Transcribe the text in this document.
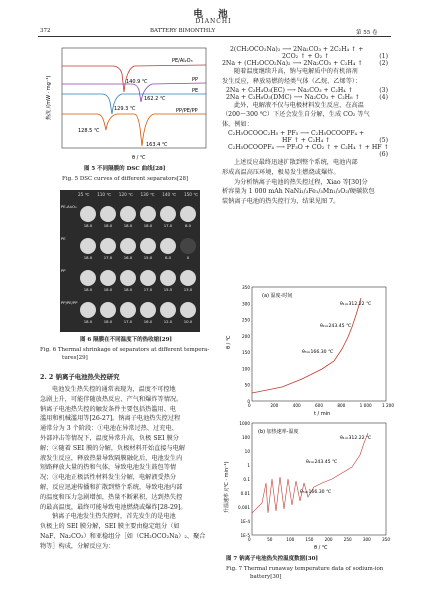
电 池
DIANCHI
372	BATTERY BIMONTHLY	第 55 卷
PE/Al₂O₃
140.9 ℃	PP
162.2 ℃
PE
129.3 ℃	PP/PE/PP
128.5 ℃
163.4 ℃
θ / ℃
热流 /(mW · mg⁻¹)
图 5 不同隔膜的 DSC 曲线[28]
Fig. 5 DSC curves of different separators[28]
25 ℃ 110 ℃ 120 ℃ 130 ℃ 140 ℃ 150 ℃
PE-Al₂O₃
18.0	18.0	18.0	18.0	17.0	8.0
PE
18.0	17.0	16.0	15.0	6.0	0
PP
18.0	18.0	18.0	17.0	15.5	13.0
PP/PE/PP
18.0	18.0	17.0	16.0	12.0	10.0
图 6 隔膜在不同温度下的热收缩[29]
Fig. 6 Thermal shrinkage of separators at different tempera-
tures[29]
2. 2 钠离子电池热失控研究
电池发生热失控的通常表现为，温度不可控地
急剧上升，可能伴随放热反应、产气和爆炸等情况。
钠离子电池热失控的触发条件主要包括热滥用、电
滥用和机械滥用等[26-27]。钠离子电池热失控过程
通常分为 3 个阶段：①电池在异常过热、过充电、
外部冲击等情况下，温度异常升高，负极 SEI 膜分
解；②随着 SEI 膜的分解，负极材料开始直接与电解
液发生反应，释放热量导致隔膜融化后，电池发生内
短路释放大量的热和气体，导致电池发生鼓包等情
况；③电池正极活性材料发生分解，电解液受热分
解，反应迅速传播和扩散到整个系统，导致电池内部
的温度和压力急剧增加，热量不断累积，达到热失控
的最高温度，最终可能导致电池燃烧或爆炸[28-29]。
钠离子电池发生热失控时，首先发生的是电池
负极上的 SEI 膜分解，SEI 膜主要由稳定组分（如
NaF、Na₂CO₃）和亚稳组分［如（CH₂OCO₂Na）₂、聚合
物等］构成，分解反应为：
2(CH₂OCO₂Na)₂ ⟶ 2Na₂CO₃ + 2C₂H₄ ↑ +
2CO₂ ↑ + O₂ ↑	(1)
2Na + (CH₂OCO₂Na)₂ ⟶ 2Na₂CO₃ + C₂H₄ ↑	(2)
随着温度继续升高，钠与电解质中的有机溶剂
发生反应，释放易燃的烃类气体（乙烷、乙烯等）：
2Na + C₃H₄O₃(EC) ⟶ Na₂CO₃ + C₂H₄ ↑	(3)
2Na + C₃H₆O₃(DMC) ⟶ Na₂CO₃ + C₂H₆ ↑	(4)
此外，电解液不仅与电极材料发生反应，在高温
（200～300 ℃）下还会发生自分解，生成 CO₂ 等气
体，例如：
C₂H₅OCOOC₂H₅ + PF₅ ⟶ C₂H₅OCOOPF₄ +
HF ↑ + C₂H₄ ↑	(5)
C₂H₅OCOOPF₄ ⟶ PF₃O + CO₂ ↑ + C₂H₄ ↑ + HF ↑
(6)
上述反应最终迅速扩散到整个系统，电池内部
形成高温高压环境，极易发生燃烧或爆炸。
为分析钠离子电池的热失控过程，Xiao 等[30]分
析容量为 1 000 mAh NaNi₁/₃Fe₁/₃Mn₁/₃O₂/硬碳软包
装钠离子电池的热失控行为，结果见图 7。
(a) 温度-时间
θ₁=312.22 ℃
θ₂=243.45 ℃
θ₃=166.30 ℃
0	200	400	600	800	1 000 1 200
0
50
100
150
200
250
300
350
t / min
θ / ℃
(b) 加热速率-温度
θ₁=312.22 ℃
θ₂=243.45 ℃
θ₃=166.30 ℃
0	50	100	150	200	250	300	350
1E-5
1E-4
0.001
0.01
0.1
1
10
100
1000
θ / ℃
升温速率 /(℃ · min⁻¹)
图 7 钠离子电池热失控温度数据[30]
Fig. 7 Thermal runaway temperature data of sodium-ion
battery[30]
